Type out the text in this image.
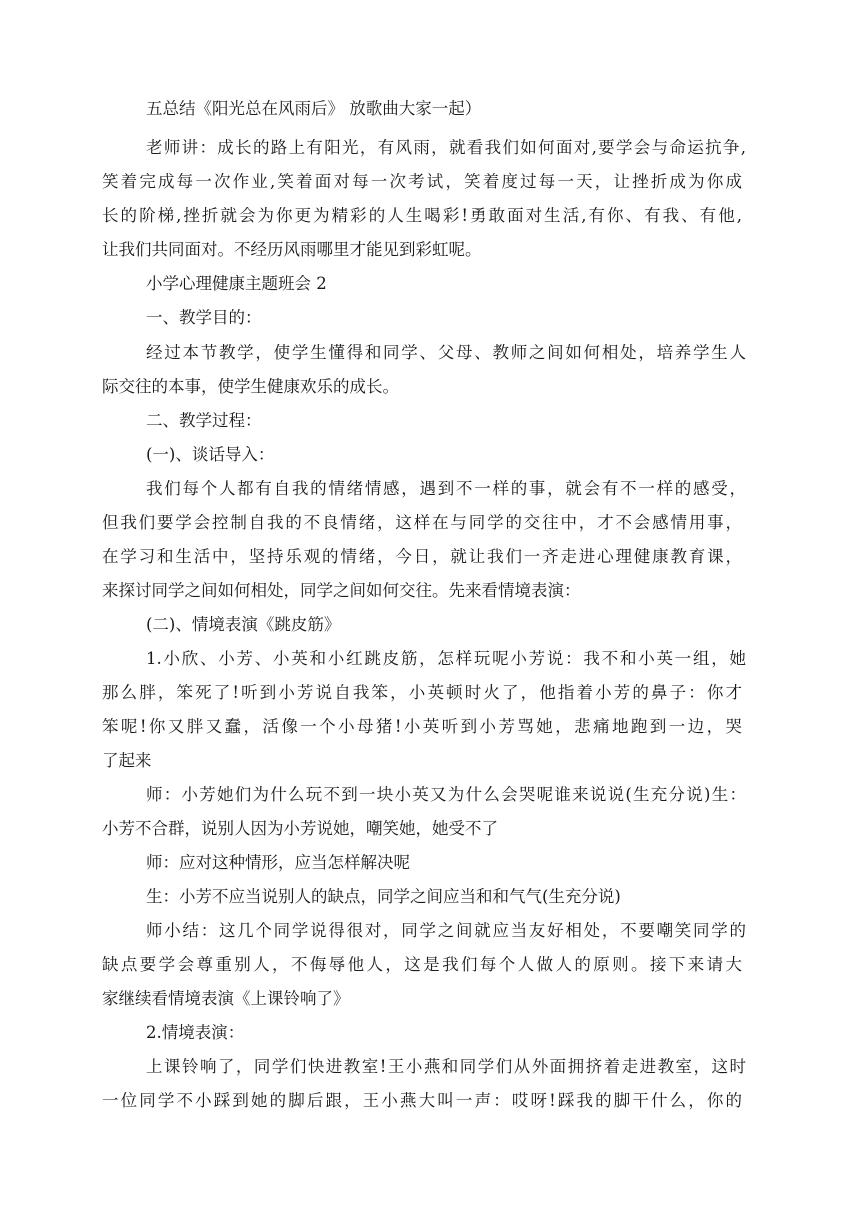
五总结《阳光总在风雨后》 放歌曲大家一起）
老师讲：成长的路上有阳光，有风雨，就看我们如何面对,要学会与命运抗争,
笑着完成每一次作业,笑着面对每一次考试，笑着度过每一天，让挫折成为你成
长的阶梯,挫折就会为你更为精彩的人生喝彩!勇敢面对生活,有你、有我、有他,
让我们共同面对。不经历风雨哪里才能见到彩虹呢。
小学心理健康主题班会 2
一、教学目的：
经过本节教学，使学生懂得和同学、父母、教师之间如何相处，培养学生人
际交往的本事，使学生健康欢乐的成长。
二、教学过程：
(一)、谈话导入：
我们每个人都有自我的情绪情感，遇到不一样的事，就会有不一样的感受，
但我们要学会控制自我的不良情绪，这样在与同学的交往中，才不会感情用事，
在学习和生活中，坚持乐观的情绪，今日，就让我们一齐走进心理健康教育课，
来探讨同学之间如何相处，同学之间如何交往。先来看情境表演：
(二)、情境表演《跳皮筋》
1.小欣、小芳、小英和小红跳皮筋，怎样玩呢小芳说：我不和小英一组，她
那么胖，笨死了!听到小芳说自我笨，小英顿时火了，他指着小芳的鼻子：你才
笨呢!你又胖又蠢，活像一个小母猪!小英听到小芳骂她，悲痛地跑到一边，哭
了起来
师：小芳她们为什么玩不到一块小英又为什么会哭呢谁来说说(生充分说)生：
小芳不合群，说别人因为小芳说她，嘲笑她，她受不了
师：应对这种情形，应当怎样解决呢
生：小芳不应当说别人的缺点，同学之间应当和和气气(生充分说)
师小结：这几个同学说得很对，同学之间就应当友好相处，不要嘲笑同学的
缺点要学会尊重别人，不侮辱他人，这是我们每个人做人的原则。接下来请大
家继续看情境表演《上课铃响了》
2.情境表演：
上课铃响了，同学们快进教室!王小燕和同学们从外面拥挤着走进教室，这时
一位同学不小踩到她的脚后跟，王小燕大叫一声：哎呀!踩我的脚干什么，你的
